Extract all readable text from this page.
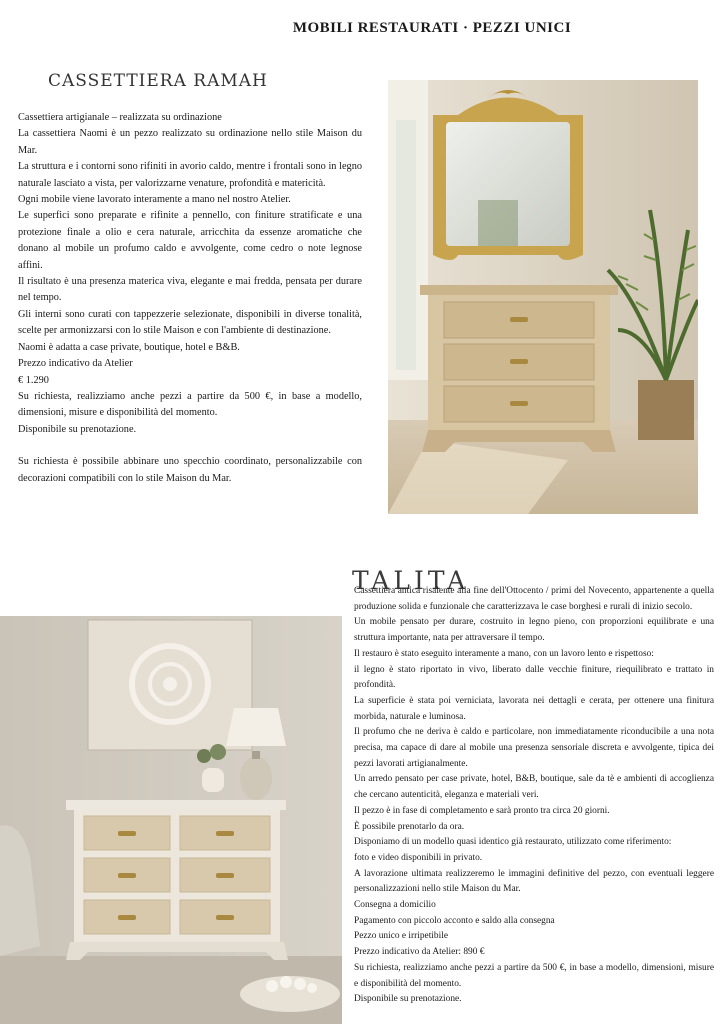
MOBILI RESTAURATI · PEZZI UNICI
CASSETTIERA RAMAH

Cassettiera artigianale – realizzata su ordinazione

La cassettiera Naomi è un pezzo realizzato su ordinazione nello stile Maison du Mar.

La struttura e i contorni sono rifiniti in avorio caldo, mentre i frontali sono in legno naturale lasciato a vista, per valorizzarne venature, profondità e matericità.

Ogni mobile viene lavorato interamente a mano nel nostro Atelier.

Le superfici sono preparate e rifinite a pennello, con finiture stratificate e una protezione finale a olio e cera naturale, arricchita da essenze aromatiche che donano al mobile un profumo caldo e avvolgente, come cedro o note legnose affini.

Il risultato è una presenza materica viva, elegante e mai fredda, pensata per durare nel tempo.

Gli interni sono curati con tappezzerie selezionate, disponibili in diverse tonalità, scelte per armonizzarsi con lo stile Maison e con l'ambiente di destinazione.

Naomi è adatta a case private, boutique, hotel e B&B.

Prezzo indicativo da Atelier

€ 1.290

Su richiesta, realizziamo anche pezzi a partire da 500 €, in base a modello, dimensioni, misure e disponibilità del momento.

Disponibile su prenotazione.

Su richiesta è possibile abbinare uno specchio coordinato, personalizzabile con decorazioni compatibili con lo stile Maison du Mar.

TALITA

Cassettiera antica risalente alla fine dell'Ottocento / primi del Novecento, appartenente a quella produzione solida e funzionale che caratterizzava le case borghesi e rurali di inizio secolo.

Un mobile pensato per durare, costruito in legno pieno, con proporzioni equilibrate e una struttura importante, nata per attraversare il tempo.

Il restauro è stato eseguito interamente a mano, con un lavoro lento e rispettoso:

il legno è stato riportato in vivo, liberato dalle vecchie finiture, riequilibrato e trattato in profondità.

La superficie è stata poi verniciata, lavorata nei dettagli e cerata, per ottenere una finitura morbida, naturale e luminosa.

Il profumo che ne deriva è caldo e particolare, non immediatamente riconducibile a una nota precisa, ma capace di dare al mobile una presenza sensoriale discreta e avvolgente, tipica dei pezzi lavorati artigianalmente.

Un arredo pensato per case private, hotel, B&B, boutique, sale da tè e ambienti di accoglienza che cercano autenticità, eleganza e materiali veri.

Il pezzo è in fase di completamento e sarà pronto tra circa 20 giorni.

È possibile prenotarlo da ora.

Disponiamo di un modello quasi identico già restaurato, utilizzato come riferimento:

foto e video disponibili in privato.

A lavorazione ultimata realizzeremo le immagini definitive del pezzo, con eventuali leggere personalizzazioni nello stile Maison du Mar.

Consegna a domicilio

Pagamento con piccolo acconto e saldo alla consegna

Pezzo unico e irripetibile

Prezzo indicativo da Atelier: 890 €

Su richiesta, realizziamo anche pezzi a partire da 500 €, in base a modello, dimensioni, misure e disponibilità del momento.

Disponibile su prenotazione.
